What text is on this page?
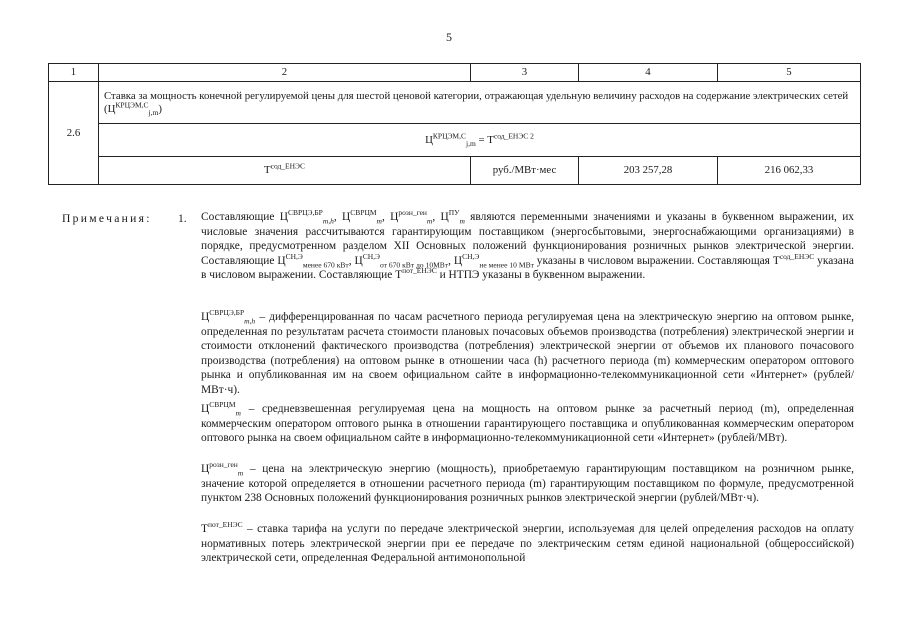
5
1	2	3	4	5
2.6	Ставка за мощность конечной регулируемой цены для шестой ценовой категории, отражающая удельную величину расходов на содержание электрических сетей $(Ц^{КРЦЭМ,С}_{j,m})$			
	$Ц^{КРЦЭМ,С}_{j,m} = Т^{сод\_ЕНЭС 2}$
	$Т^{сод\_ЕНЭС}$	руб./МВт·мес	203 257,28	216 062,33
Примечания: 1. Составляющие $Ц^{СВРЦЭ,БР}_{m,h}$, $Ц^{СВРЦМ}_m$, $Ц^{розн\_ген}_m$, $Ц^{ПУ}_m$ являются переменными значениями и указаны в буквенном выражении, их числовые значения рассчитываются гарантирующим поставщиком (энергосбытовыми, энергоснабжающими организациями) в порядке, предусмотренном разделом XII Основных положений функционирования розничных рынков электрической энергии. Составляющие $Ц^{СН,Э}_{менее 670 кВт}$, $Ц^{СН,Э}_{от 670 кВт до 10МВт}$, $Ц^{СН,Э}_{не менее 10 МВт}$ указаны в числовом выражении. Составляющая $Т^{сод\_ЕНЭС}$ указана в числовом выражении. Составляющие $Т^{пот\_ЕНЭС}$ и НТПЭ указаны в буквенном выражении.
$Ц^{СВРЦЭ,БР}_{m,h}$ – дифференцированная по часам расчетного периода регулируемая цена на электрическую энергию на оптовом рынке, определенная по результатам расчета стоимости плановых почасовых объемов производства (потребления) электрической энергии и стоимости отклонений фактического производства (потребления) электрической энергии от объемов их планового почасового производства (потребления) на оптовом рынке в отношении часа (h) расчетного периода (m) коммерческим оператором оптового рынка и опубликованная им на своем официальном сайте в информационно-телекоммуникационной сети «Интернет» (рублей/МВт·ч).
$Ц^{СВРЦМ}_m$ – средневзвешенная регулируемая цена на мощность на оптовом рынке за расчетный период (m), определенная коммерческим оператором оптового рынка в отношении гарантирующего поставщика и опубликованная коммерческим оператором оптового рынка на своем официальном сайте в информационно-телекоммуникационной сети «Интернет» (рублей/МВт).
$Ц^{розн\_ген}_m$ – цена на электрическую энергию (мощность), приобретаемую гарантирующим поставщиком на розничном рынке, значение которой определяется в отношении расчетного периода (m) гарантирующим поставщиком по формуле, предусмотренной пунктом 238 Основных положений функционирования розничных рынков электрической энергии (рублей/МВт·ч).
$Т^{пот\_ЕНЭС}$ – ставка тарифа на услуги по передаче электрической энергии, используемая для целей определения расходов на оплату нормативных потерь электрической энергии при ее передаче по электрическим сетям единой национальной (общероссийской) электрической сети, определенная Федеральной антимонопольной
